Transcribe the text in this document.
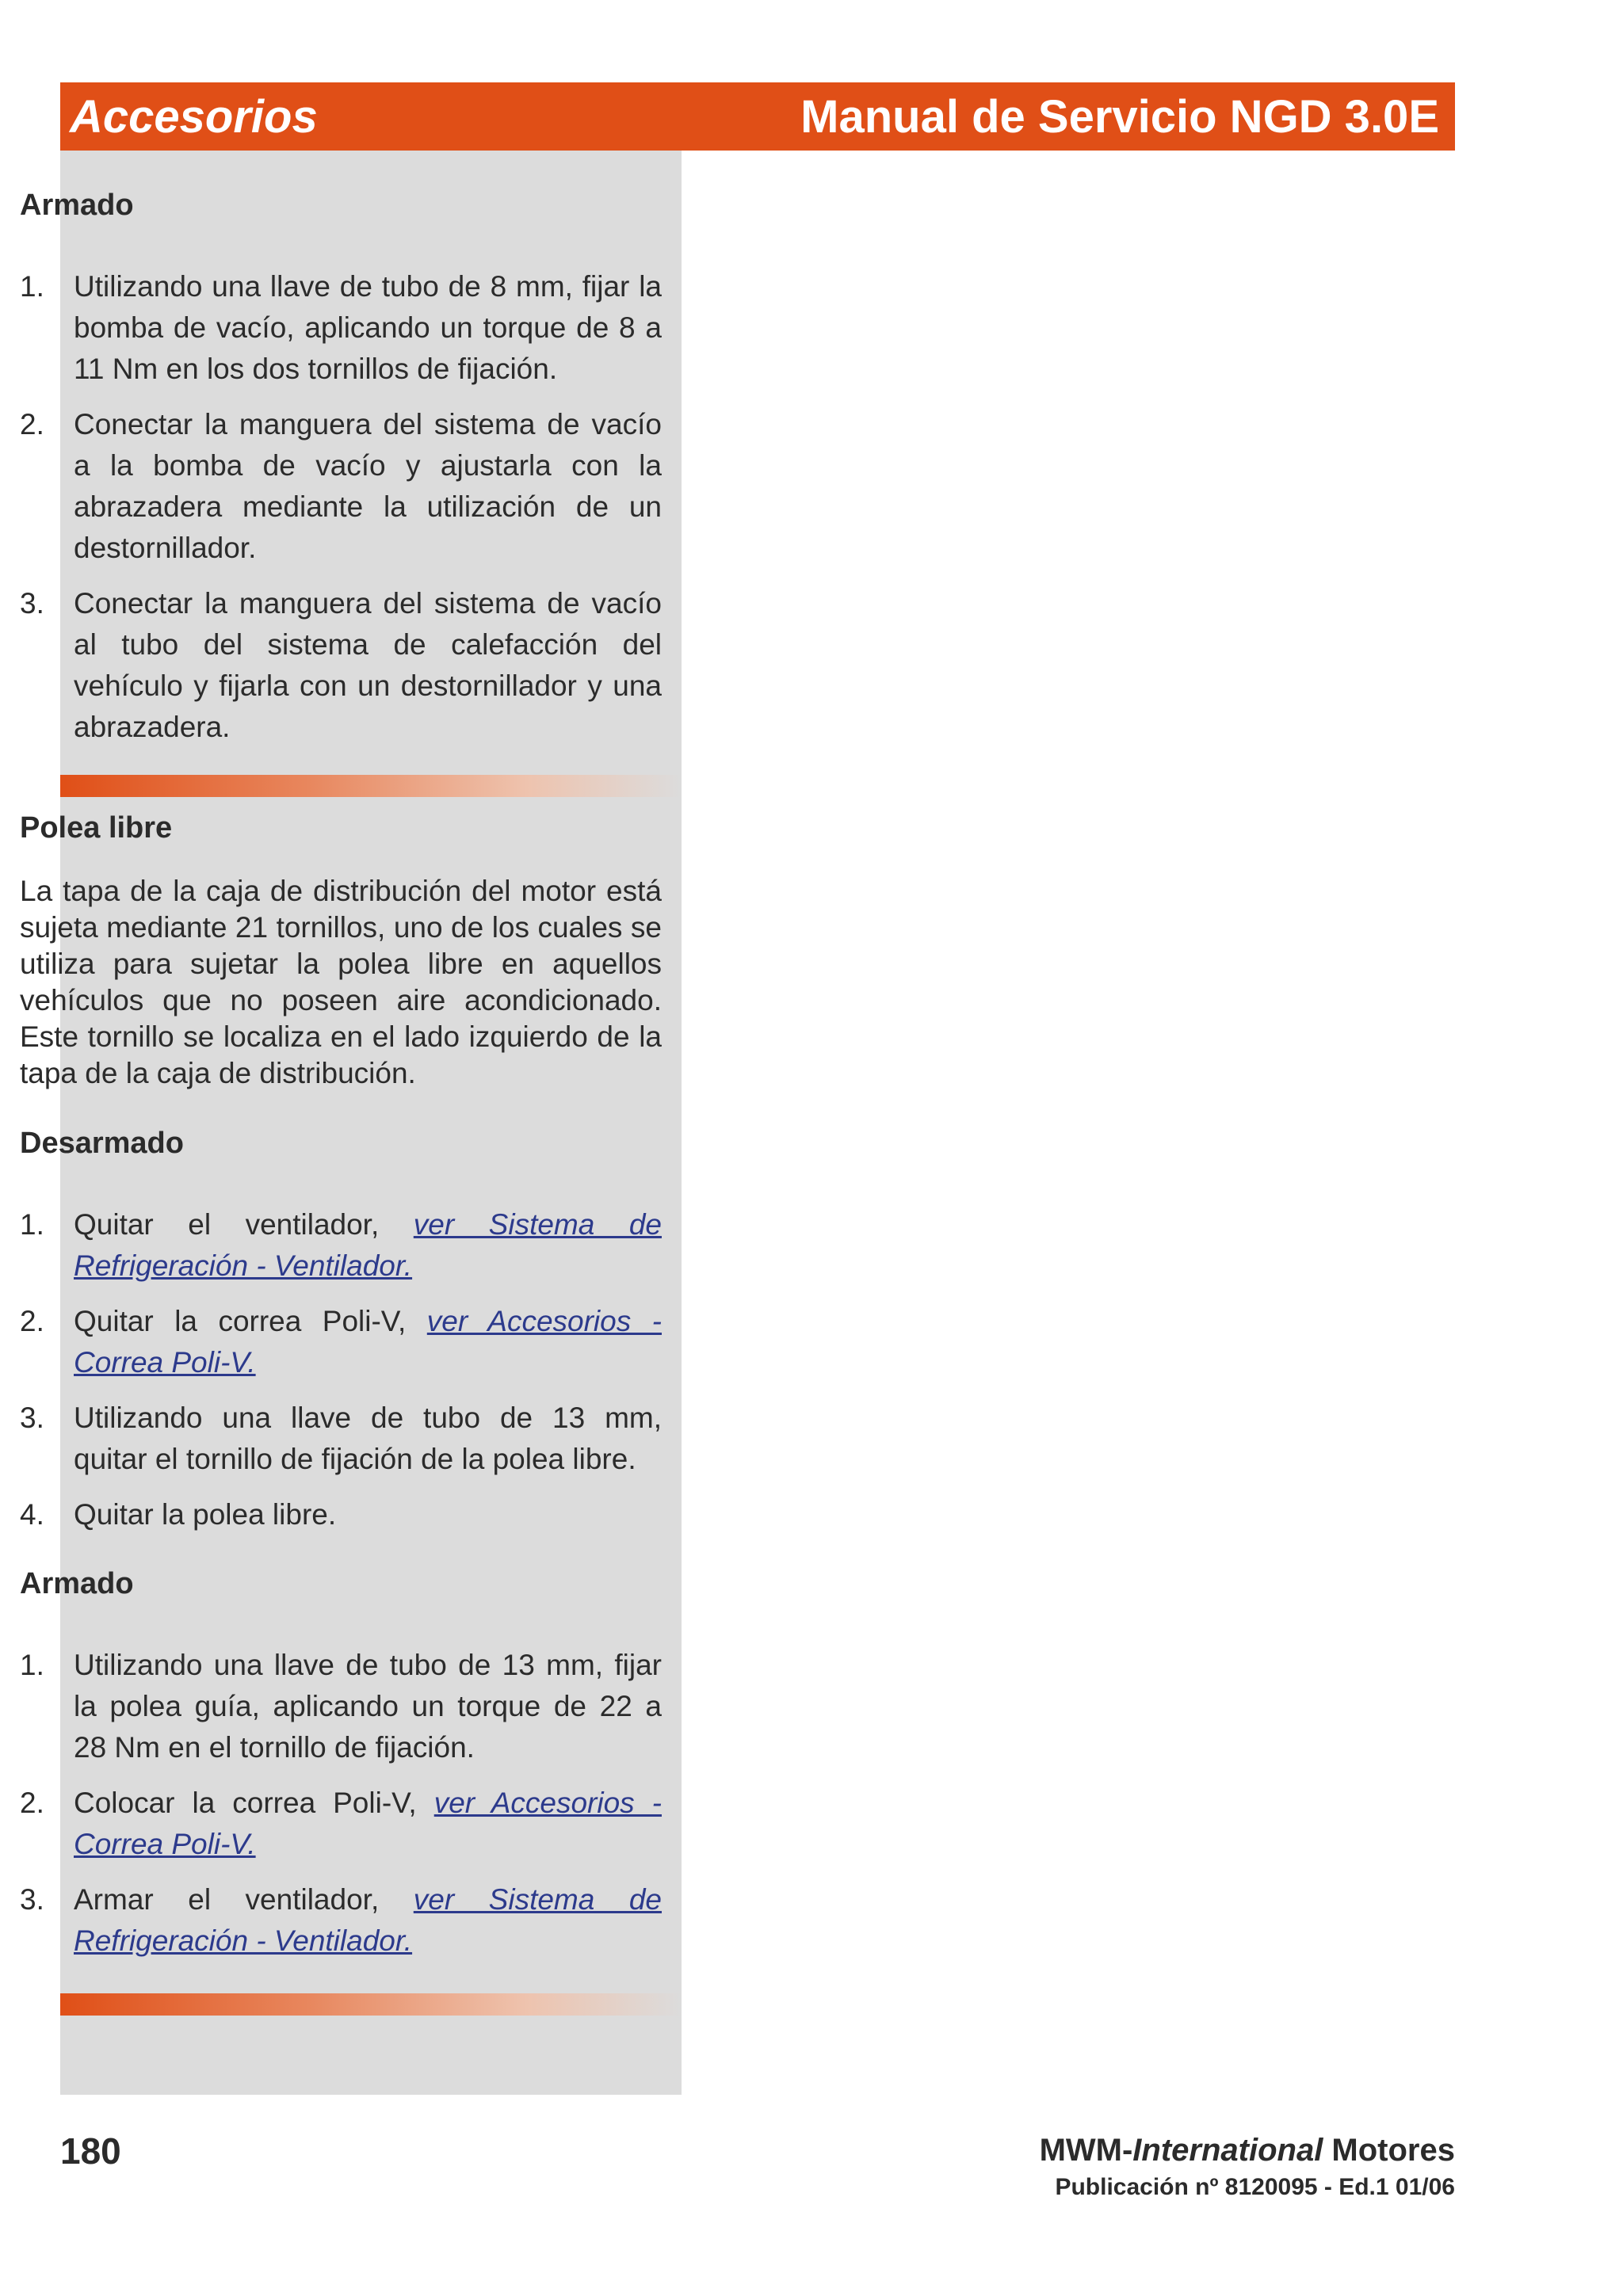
Accesorios	Manual de Servicio NGD 3.0E
Armado
1. Utilizando una llave de tubo de 8 mm, fijar la bomba de vacío, aplicando un torque de 8 a 11 Nm en los dos tornillos de fijación.
2. Conectar la manguera del sistema de vacío a la bomba de vacío y ajustarla con la abrazadera mediante la utilización de un destornillador.
3. Conectar la manguera del sistema de vacío al tubo del sistema de calefacción del vehículo y fijarla con un destornillador y una abrazadera.
Polea libre

La tapa de la caja de distribución del motor está sujeta mediante 21 tornillos, uno de los cuales se utiliza para sujetar la polea libre en aquellos vehículos que no poseen aire acondicionado. Este tornillo se localiza en el lado izquierdo de la tapa de la caja de distribución.

Desarmado
1. Quitar el ventilador, ver Sistema de Refrigeración - Ventilador.
2. Quitar la correa Poli-V, ver Accesorios - Correa Poli-V.
3. Utilizando una llave de tubo de 13 mm, quitar el tornillo de fijación de la polea libre.
4. Quitar la polea libre.
Armado
1. Utilizando una llave de tubo de 13 mm, fijar la polea guía, aplicando un torque de 22 a 28 Nm en el tornillo de fijación.
2. Colocar la correa Poli-V, ver Accesorios - Correa Poli-V.
3. Armar el ventilador, ver Sistema de Refrigeración - Ventilador.
180	MWM-International Motores
Publicación nº 8120095 - Ed.1 01/06
